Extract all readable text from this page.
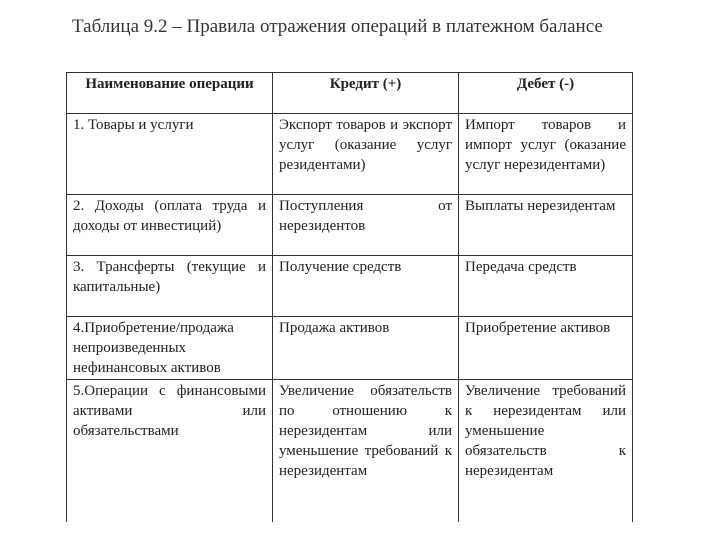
Таблица 9.2 – Правила отражения операций в платежном балансе
Наименование операции	Кредит (+)	Дебет (-)
1. Товары и услуги	Экспорт товаров и экспорт услуг (оказание услуг резидентами)	Импорт товаров и импорт услуг (оказание услуг нерезидентами)
2. Доходы (оплата труда и доходы от инвестиций)	Поступления от нерезидентов	Выплаты нерезидентам
3. Трансферты (текущие и капитальные)	Получение средств	Передача средств
4.Приобретение/продажа непроизведенных нефинансовых активов	Продажа активов	Приобретение активов
5.Операции с финансовыми активами или обязательствами	Увеличение обязательств по отношению к нерезидентам или уменьшение требований к нерезидентам	Увеличение требований к нерезидентам или уменьшение обязательств к нерезидентам
